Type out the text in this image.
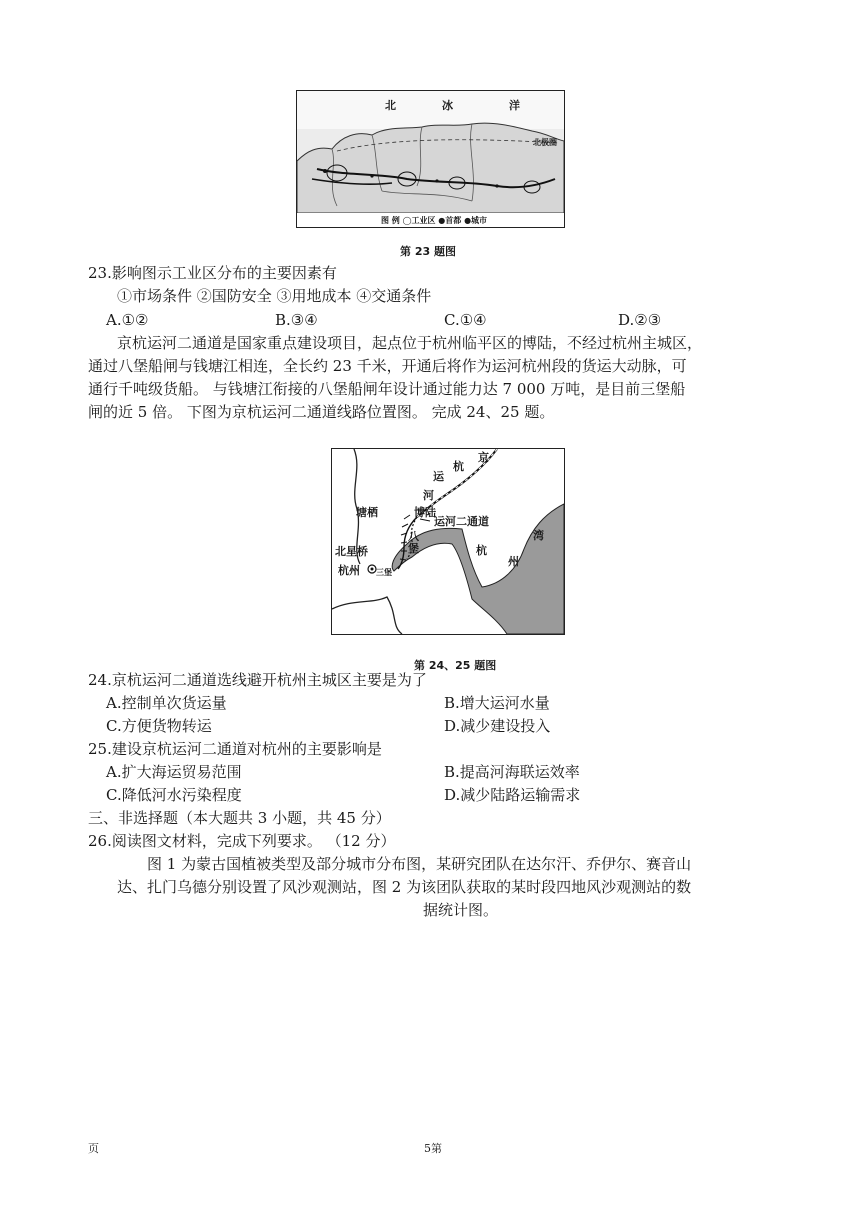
北	冰	洋
北极圈
图 例 ◯工业区 ●首都 ●城市
第 23 题图
23.影响图示工业区分布的主要因素有
①市场条件 ②国防安全 ③用地成本 ④交通条件
A.①②	B.③④	C.①④	D.②③
京杭运河二通道是国家重点建设项目，起点位于杭州临平区的博陆，不经过杭州主城区，
通过八堡船闸与钱塘江相连，全长约 23 千米，开通后将作为运河杭州段的货运大动脉，可
通行千吨级货船。 与钱塘江衔接的八堡船闸年设计通过能力达 7 000 万吨，是目前三堡船
闸的近 5 倍。 下图为京杭运河二通道线路位置图。 完成 24、25 题。
京
杭
运
河
塘栖	博陆
运河二通道
八堡
北星桥
杭州 三堡
湾
杭
州
第 24、25 题图
24.京杭运河二通道选线避开杭州主城区主要是为了
A.控制单次货运量	B.增大运河水量
C.方便货物转运	D.减少建设投入
25.建设京杭运河二通道对杭州的主要影响是
A.扩大海运贸易范围	B.提高河海联运效率
C.降低河水污染程度	D.减少陆路运输需求
三、非选择题（本大题共 3 小题，共 45 分）
26.阅读图文材料，完成下列要求。 （12 分）
图 1 为蒙古国植被类型及部分城市分布图，某研究团队在达尔汗、乔伊尔、赛音山
达、扎门乌德分别设置了风沙观测站，图 2 为该团队获取的某时段四地风沙观测站的数
据统计图。
页	5第
